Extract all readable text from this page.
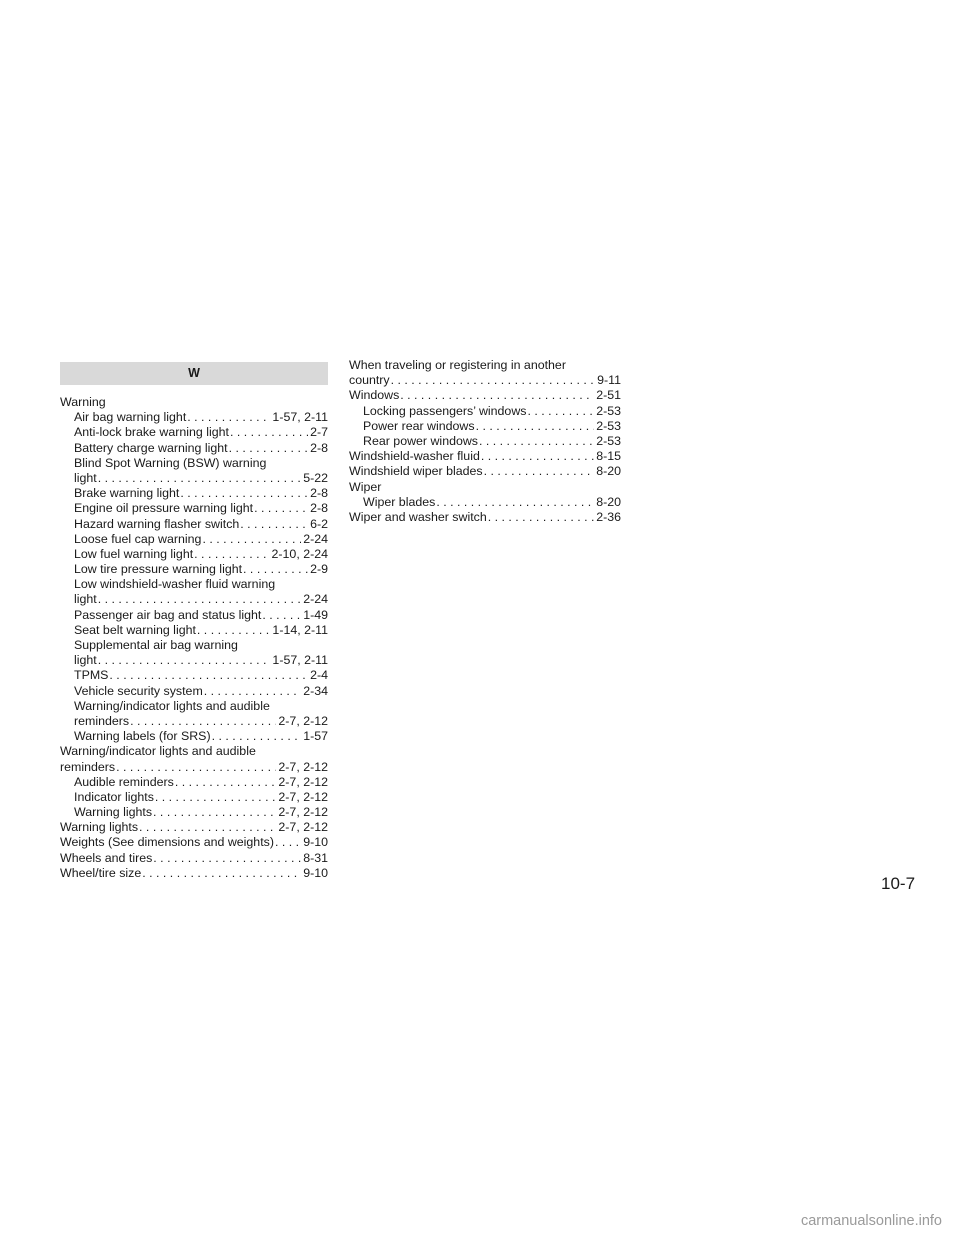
W
Warning
Air bag warning light . . .	1-57, 2-11
Anti-lock brake warning light . . .	2-7
Battery charge warning light . . .	2-8
Blind Spot Warning (BSW) warning
light . . .	5-22
Brake warning light . . .	2-8
Engine oil pressure warning light . . .	2-8
Hazard warning flasher switch . . .	6-2
Loose fuel cap warning . . .	2-24
Low fuel warning light . . .	2-10, 2-24
Low tire pressure warning light . . .	2-9
Low windshield-washer fluid warning
light . . .	2-24
Passenger air bag and status light . . .	1-49
Seat belt warning light . . .	1-14, 2-11
Supplemental air bag warning
light . . .	1-57, 2-11
TPMS . . .	2-4
Vehicle security system . . .	2-34
Warning/indicator lights and audible
reminders . . .	2-7, 2-12
Warning labels (for SRS) . . .	1-57
Warning/indicator lights and audible
reminders . . .	2-7, 2-12
Audible reminders . . .	2-7, 2-12
Indicator lights . . .	2-7, 2-12
Warning lights . . .	2-7, 2-12
Warning lights . . .	2-7, 2-12
Weights (See dimensions and weights) . . . 9-10
Wheels and tires . . .	8-31
Wheel/tire size . . .	9-10
When traveling or registering in another
country . . .	9-11
Windows . . .	2-51
Locking passengers’ windows . . .	2-53
Power rear windows . . .	2-53
Rear power windows . . .	2-53
Windshield-washer fluid . . .	8-15
Windshield wiper blades . . .	8-20
Wiper
Wiper blades . . .	8-20
Wiper and washer switch . . .	2-36
10-7
carmanualsonline.info
